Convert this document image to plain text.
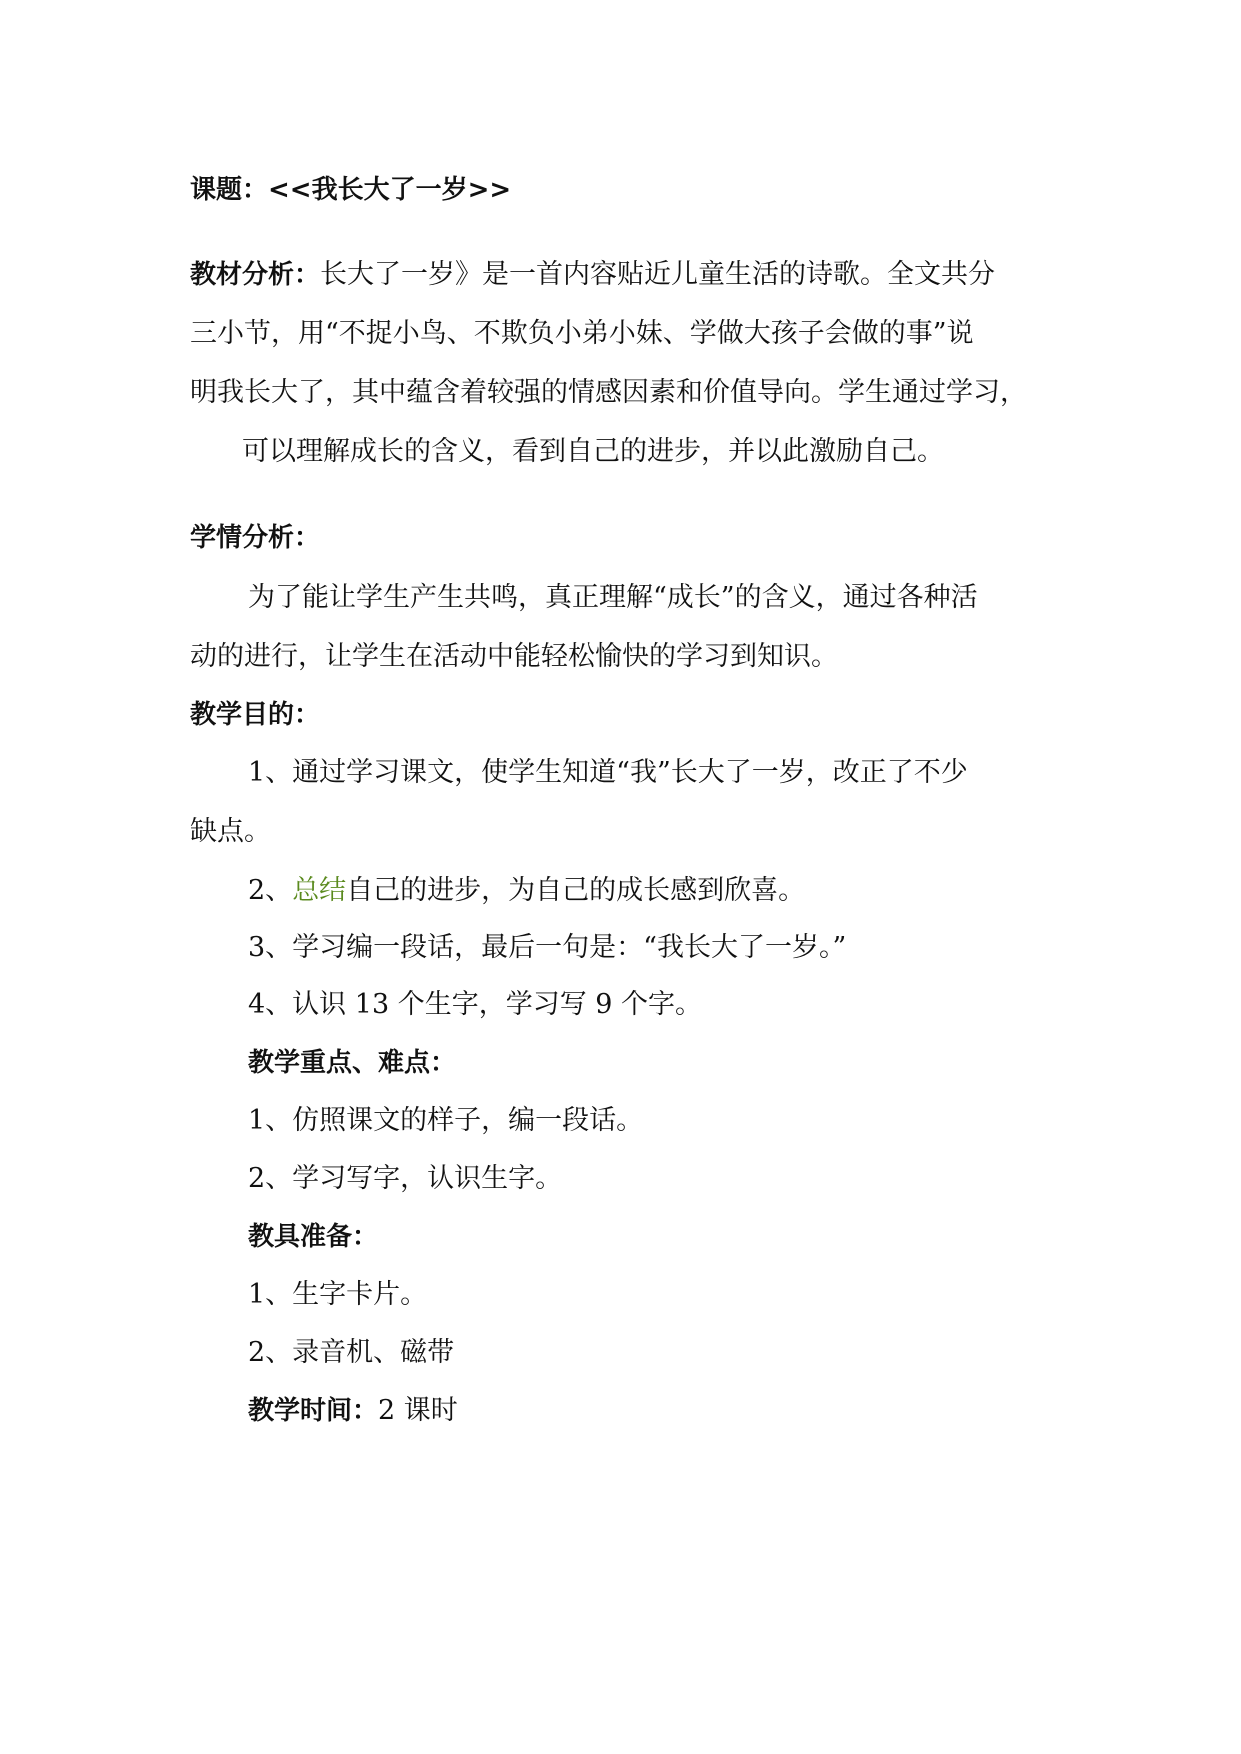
课题：<<我长大了一岁>>
教材分析：长大了一岁》是一首内容贴近儿童生活的诗歌。全文共分
三小节，用“不捉小鸟、不欺负小弟小妹、学做大孩子会做的事”说
明我长大了，其中蕴含着较强的情感因素和价值导向。学生通过学习，
可以理解成长的含义，看到自己的进步，并以此激励自己。
学情分析：
为了能让学生产生共鸣，真正理解“成长”的含义，通过各种活
动的进行，让学生在活动中能轻松愉快的学习到知识。
教学目的：
1、通过学习课文，使学生知道“我”长大了一岁，改正了不少
缺点。
2、总结自己的进步，为自己的成长感到欣喜。
3、学习编一段话，最后一句是：“我长大了一岁。”
4、认识 13 个生字，学习写 9 个字。
教学重点、难点：
1、仿照课文的样子，编一段话。
2、学习写字，认识生字。
教具准备：
1、生字卡片。
2、录音机、磁带
教学时间：2 课时
